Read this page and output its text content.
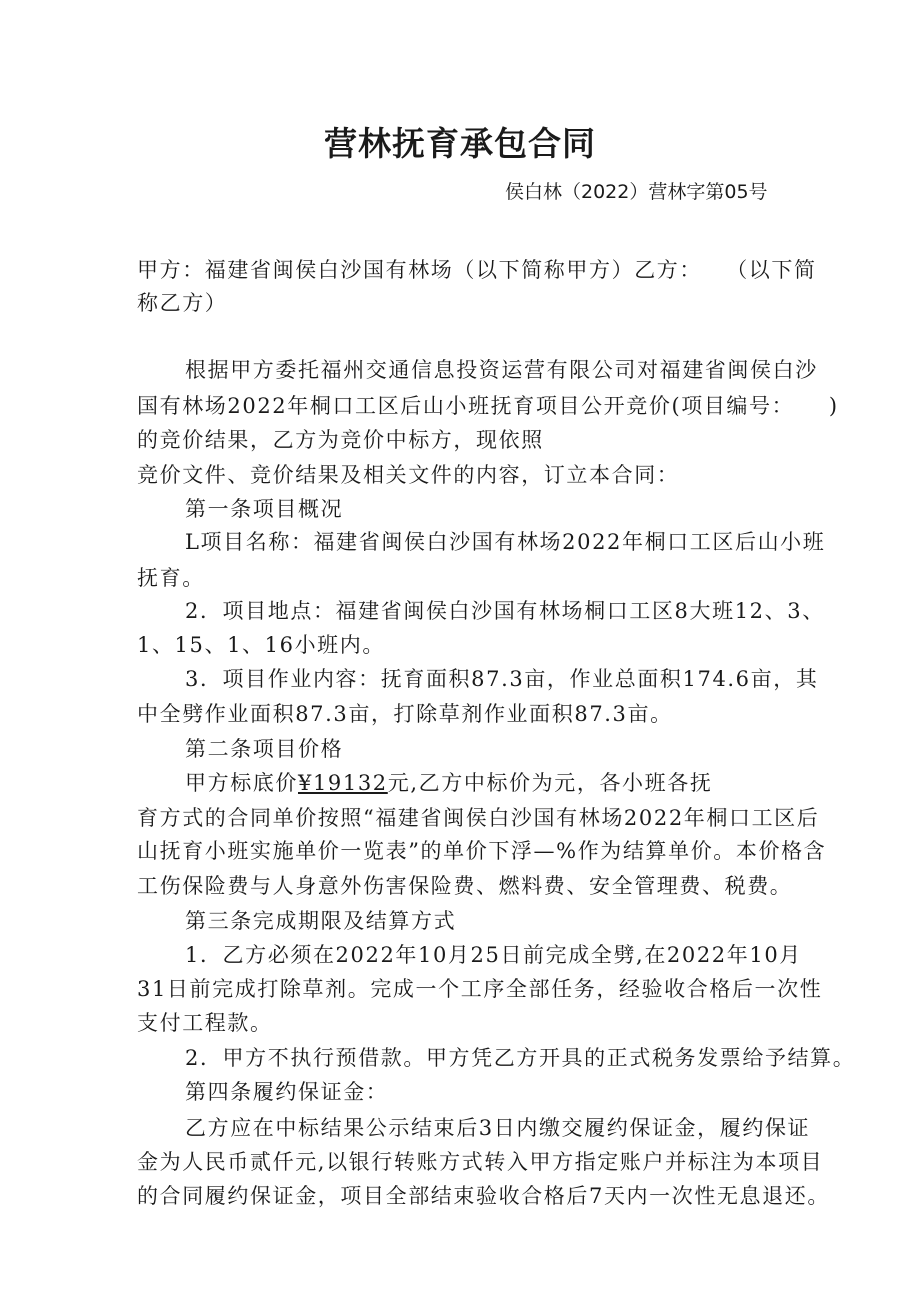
营林抚育承包合同
侯白林（2022）营林字第05号
甲方：福建省闽侯白沙国有林场（以下简称甲方）乙方：　　（以下简
称乙方）
根据甲方委托福州交通信息投资运营有限公司对福建省闽侯白沙
国有林场2022年桐口工区后山小班抚育项目公开竞价(项目编号：　　)
的竞价结果，乙方为竞价中标方，现依照
竞价文件、竞价结果及相关文件的内容，订立本合同：
第一条项目概况
L项目名称：福建省闽侯白沙国有林场2022年桐口工区后山小班
抚育。
2．项目地点：福建省闽侯白沙国有林场桐口工区8大班12、3、
1、15、1、16小班内。
3．项目作业内容：抚育面积87.3亩，作业总面积174.6亩，其
中全劈作业面积87.3亩，打除草剂作业面积87.3亩。
第二条项目价格
甲方标底价¥19132元,乙方中标价为元，各小班各抚
育方式的合同单价按照“福建省闽侯白沙国有林场2022年桐口工区后
山抚育小班实施单价一览表”的单价下浮—%作为结算单价。本价格含
工伤保险费与人身意外伤害保险费、燃料费、安全管理费、税费。
第三条完成期限及结算方式
1．乙方必须在2022年10月25日前完成全劈,在2022年10月
31日前完成打除草剂。完成一个工序全部任务，经验收合格后一次性
支付工程款。
2．甲方不执行预借款。甲方凭乙方开具的正式税务发票给予结算。
第四条履约保证金：
乙方应在中标结果公示结束后3日内缴交履约保证金，履约保证
金为人民币贰仟元,以银行转账方式转入甲方指定账户并标注为本项目
的合同履约保证金，项目全部结束验收合格后7天内一次性无息退还。
